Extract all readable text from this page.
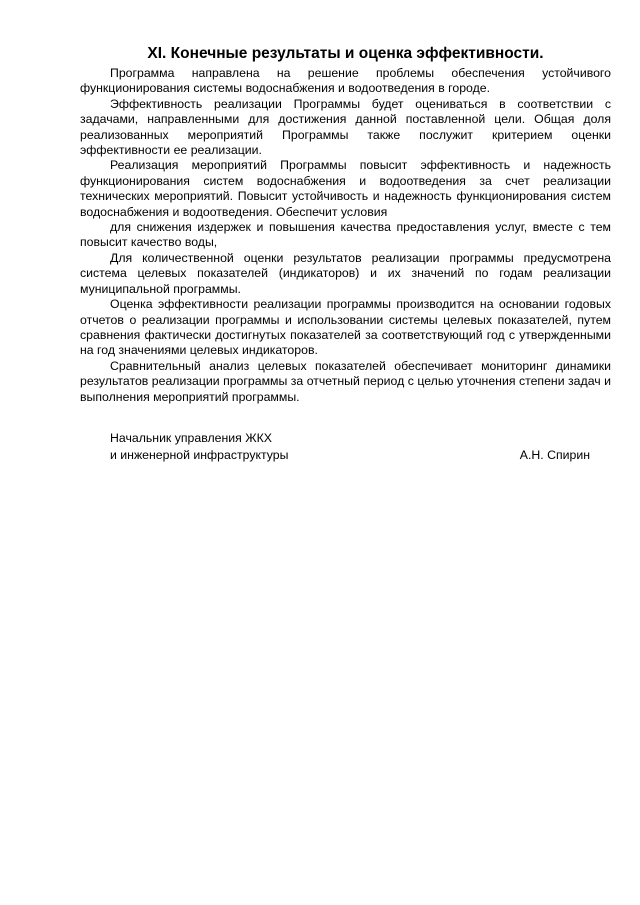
XI. Конечные результаты и оценка эффективности.

Программа направлена на решение проблемы обеспечения устойчивого функционирования системы водоснабжения и водоотведения в городе.

Эффективность реализации Программы будет оцениваться в соответствии с задачами, направленными для достижения данной поставленной цели. Общая доля реализованных мероприятий Программы также послужит критерием оценки эффективности ее реализации.

Реализация мероприятий Программы повысит эффективность и надежность функционирования систем водоснабжения и водоотведения за счет реализации технических мероприятий. Повысит устойчивость и надежность функционирования систем водоснабжения и водоотведения. Обеспечит условия

для снижения издержек и повышения качества предоставления услуг, вместе с тем повысит качество воды,

Для количественной оценки результатов реализации программы предусмотрена система целевых показателей (индикаторов) и их значений по годам реализации муниципальной программы.

Оценка эффективности реализации программы производится на основании годовых отчетов о реализации программы и использовании системы целевых показателей, путем сравнения фактически достигнутых показателей за соответствующий год с утвержденными на год значениями целевых индикаторов.

Сравнительный анализ целевых показателей обеспечивает мониторинг динамики результатов реализации программы за отчетный период с целью уточнения степени задач и выполнения мероприятий программы.

Начальник управления ЖКХ
и инженерной инфраструктуры	А.Н. Спирин
